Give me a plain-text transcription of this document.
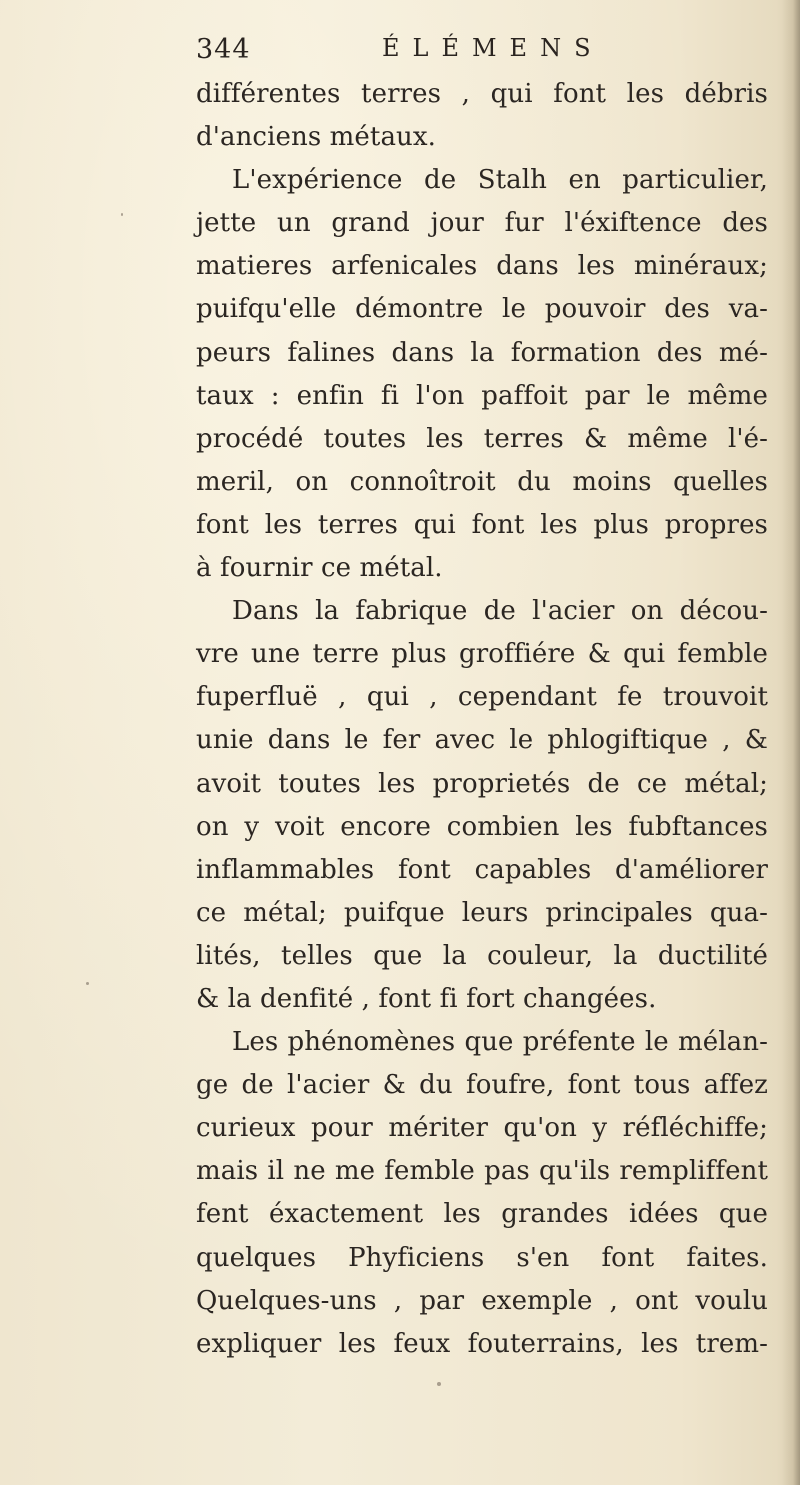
344	ÉLÉMENS
différentes terres , qui font les débris
d'anciens métaux.
L'expérience de Stalh en particulier,
jette un grand jour fur l'éxiftence des
matieres arfenicales dans les minéraux;
puifqu'elle démontre le pouvoir des va-
peurs falines dans la formation des mé-
taux : enfin fi l'on paffoit par le même
procédé toutes les terres & même l'é-
meril, on connoîtroit du moins quelles
font les terres qui font les plus propres
à fournir ce métal.
Dans la fabrique de l'acier on décou-
vre une terre plus groffiére & qui femble
fuperfluë , qui , cependant fe trouvoit
unie dans le fer avec le phlogiftique , &
avoit toutes les proprietés de ce métal;
on y voit encore combien les fubftances
inflammables font capables d'améliorer
ce métal; puifque leurs principales qua-
lités, telles que la couleur, la ductilité
& la denfité , font fi fort changées.
Les phénomènes que préfente le mélan-
ge de l'acier & du foufre, font tous affez
curieux pour mériter qu'on y réfléchiffe;
mais il ne me femble pas qu'ils rempliffent
fent éxactement les grandes idées que
quelques Phyficiens s'en font faites.
Quelques-uns , par exemple , ont voulu
expliquer les feux fouterrains, les trem-
